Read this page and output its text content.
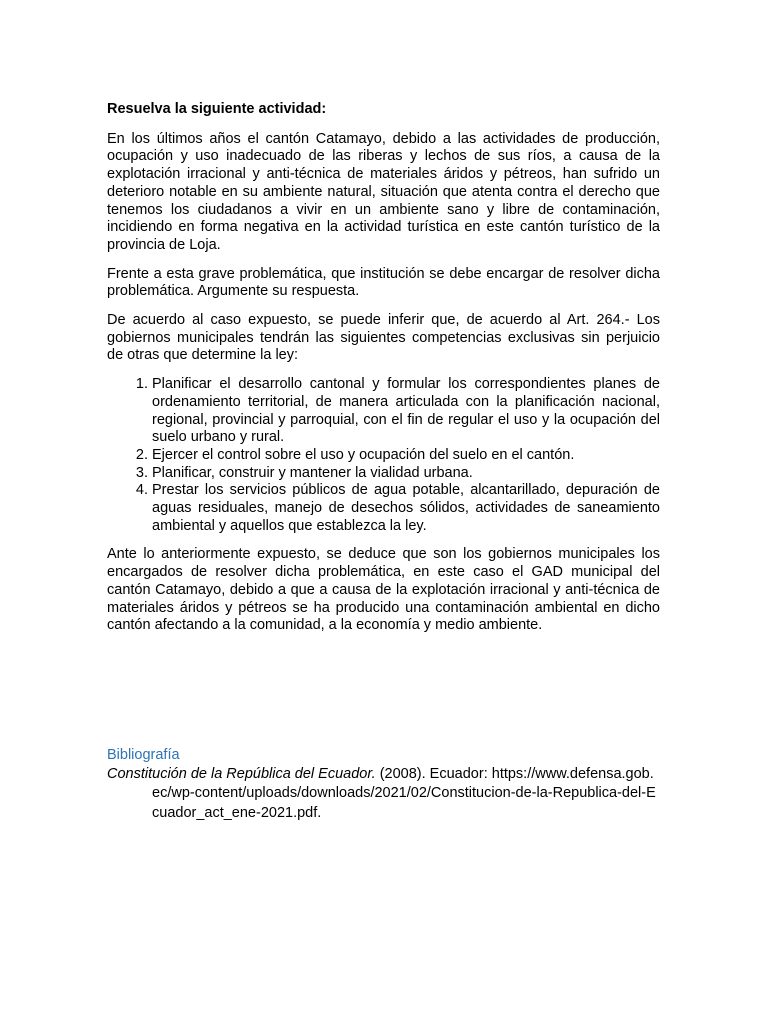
Resuelva la siguiente actividad:

En los últimos años el cantón Catamayo, debido a las actividades de producción, ocupación y uso inadecuado de las riberas y lechos de sus ríos, a causa de la explotación irracional y anti-técnica de materiales áridos y pétreos, han sufrido un deterioro notable en su ambiente natural, situación que atenta contra el derecho que tenemos los ciudadanos a vivir en un ambiente sano y libre de contaminación, incidiendo en forma negativa en la actividad turística en este cantón turístico de la provincia de Loja.

Frente a esta grave problemática, que institución se debe encargar de resolver dicha problemática. Argumente su respuesta.

De acuerdo al caso expuesto, se puede inferir que, de acuerdo al Art. 264.- Los gobiernos municipales tendrán las siguientes competencias exclusivas sin perjuicio de otras que determine la ley:

1. Planificar el desarrollo cantonal y formular los correspondientes planes de ordenamiento territorial, de manera articulada con la planificación nacional, regional, provincial y parroquial, con el fin de regular el uso y la ocupación del suelo urbano y rural.
2. Ejercer el control sobre el uso y ocupación del suelo en el cantón.
3. Planificar, construir y mantener la vialidad urbana.
4. Prestar los servicios públicos de agua potable, alcantarillado, depuración de aguas residuales, manejo de desechos sólidos, actividades de saneamiento ambiental y aquellos que establezca la ley.

Ante lo anteriormente expuesto, se deduce que son los gobiernos municipales los encargados de resolver dicha problemática, en este caso el GAD municipal del cantón Catamayo, debido a que a causa de la explotación irracional y anti-técnica de materiales áridos y pétreos se ha producido una contaminación ambiental en dicho cantón afectando a la comunidad, a la economía y medio ambiente.

Bibliografía

Constitución de la República del Ecuador. (2008). Ecuador: https://www.defensa.gob.ec/wp-content/uploads/downloads/2021/02/Constitucion-de-la-Republica-del-Ecuador_act_ene-2021.pdf.
